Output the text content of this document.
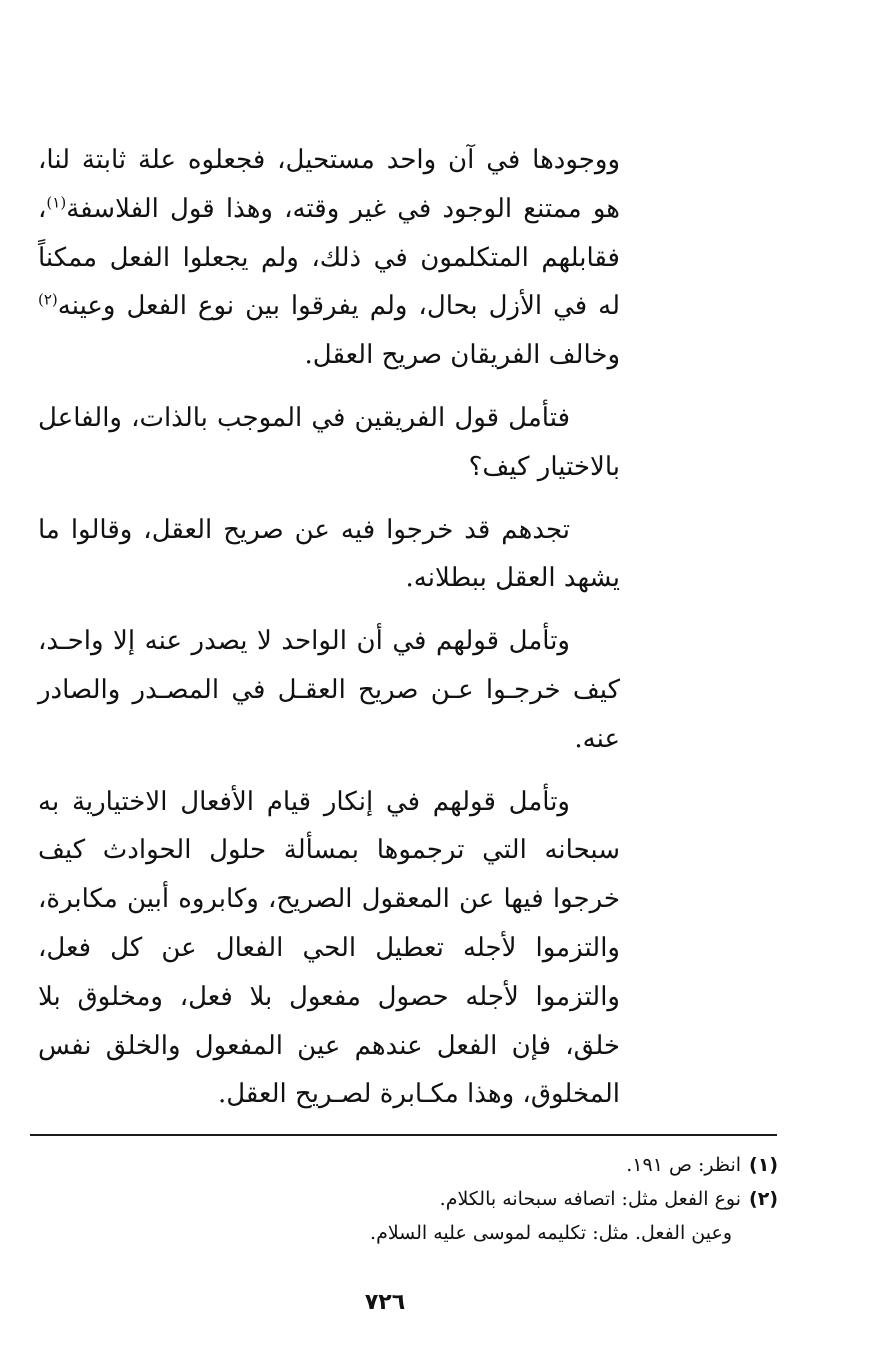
ووجودها في آن واحد مستحيل، فجعلوه علة ثابتة لنا، هو ممتنع الوجود في غير وقته، وهذا قول الفلاسفة$^{(١)}$، فقابلهم المتكلمون في ذلك، ولم يجعلوا الفعل ممكناً له في الأزل بحال، ولم يفرقوا بين نوع الفعل وعينه$^{(٢)}$ وخالف الفريقان صريح العقل.

فتأمل قول الفريقين في الموجب بالذات، والفاعل بالاختيار كيف؟

تجدهم قد خرجوا فيه عن صريح العقل، وقالوا ما يشهد العقل ببطلانه.

وتأمل قولهم في أن الواحد لا يصدر عنه إلا واحـد، كيف خرجـوا عـن صريح العقـل في المصـدر والصادر عنه.

وتأمل قولهم في إنكار قيام الأفعال الاختيارية به سبحانه التي ترجموها بمسألة حلول الحوادث كيف خرجوا فيها عن المعقول الصريح، وكابروه أبين مكابرة، والتزموا لأجله تعطيل الحي الفعال عن كل فعل، والتزموا لأجله حصول مفعول بلا فعل، ومخلوق بلا خلق، فإن الفعل عندهم عين المفعول والخلق نفس المخلوق، وهذا مكـابرة لصـريح العقل.

(١)انظر: ص ١٩١.

(٢)نوع الفعل مثل: اتصافه سبحانه بالكلام.

وعين الفعل. مثل: تكليمه لموسى عليه السلام.

٧٢٦
